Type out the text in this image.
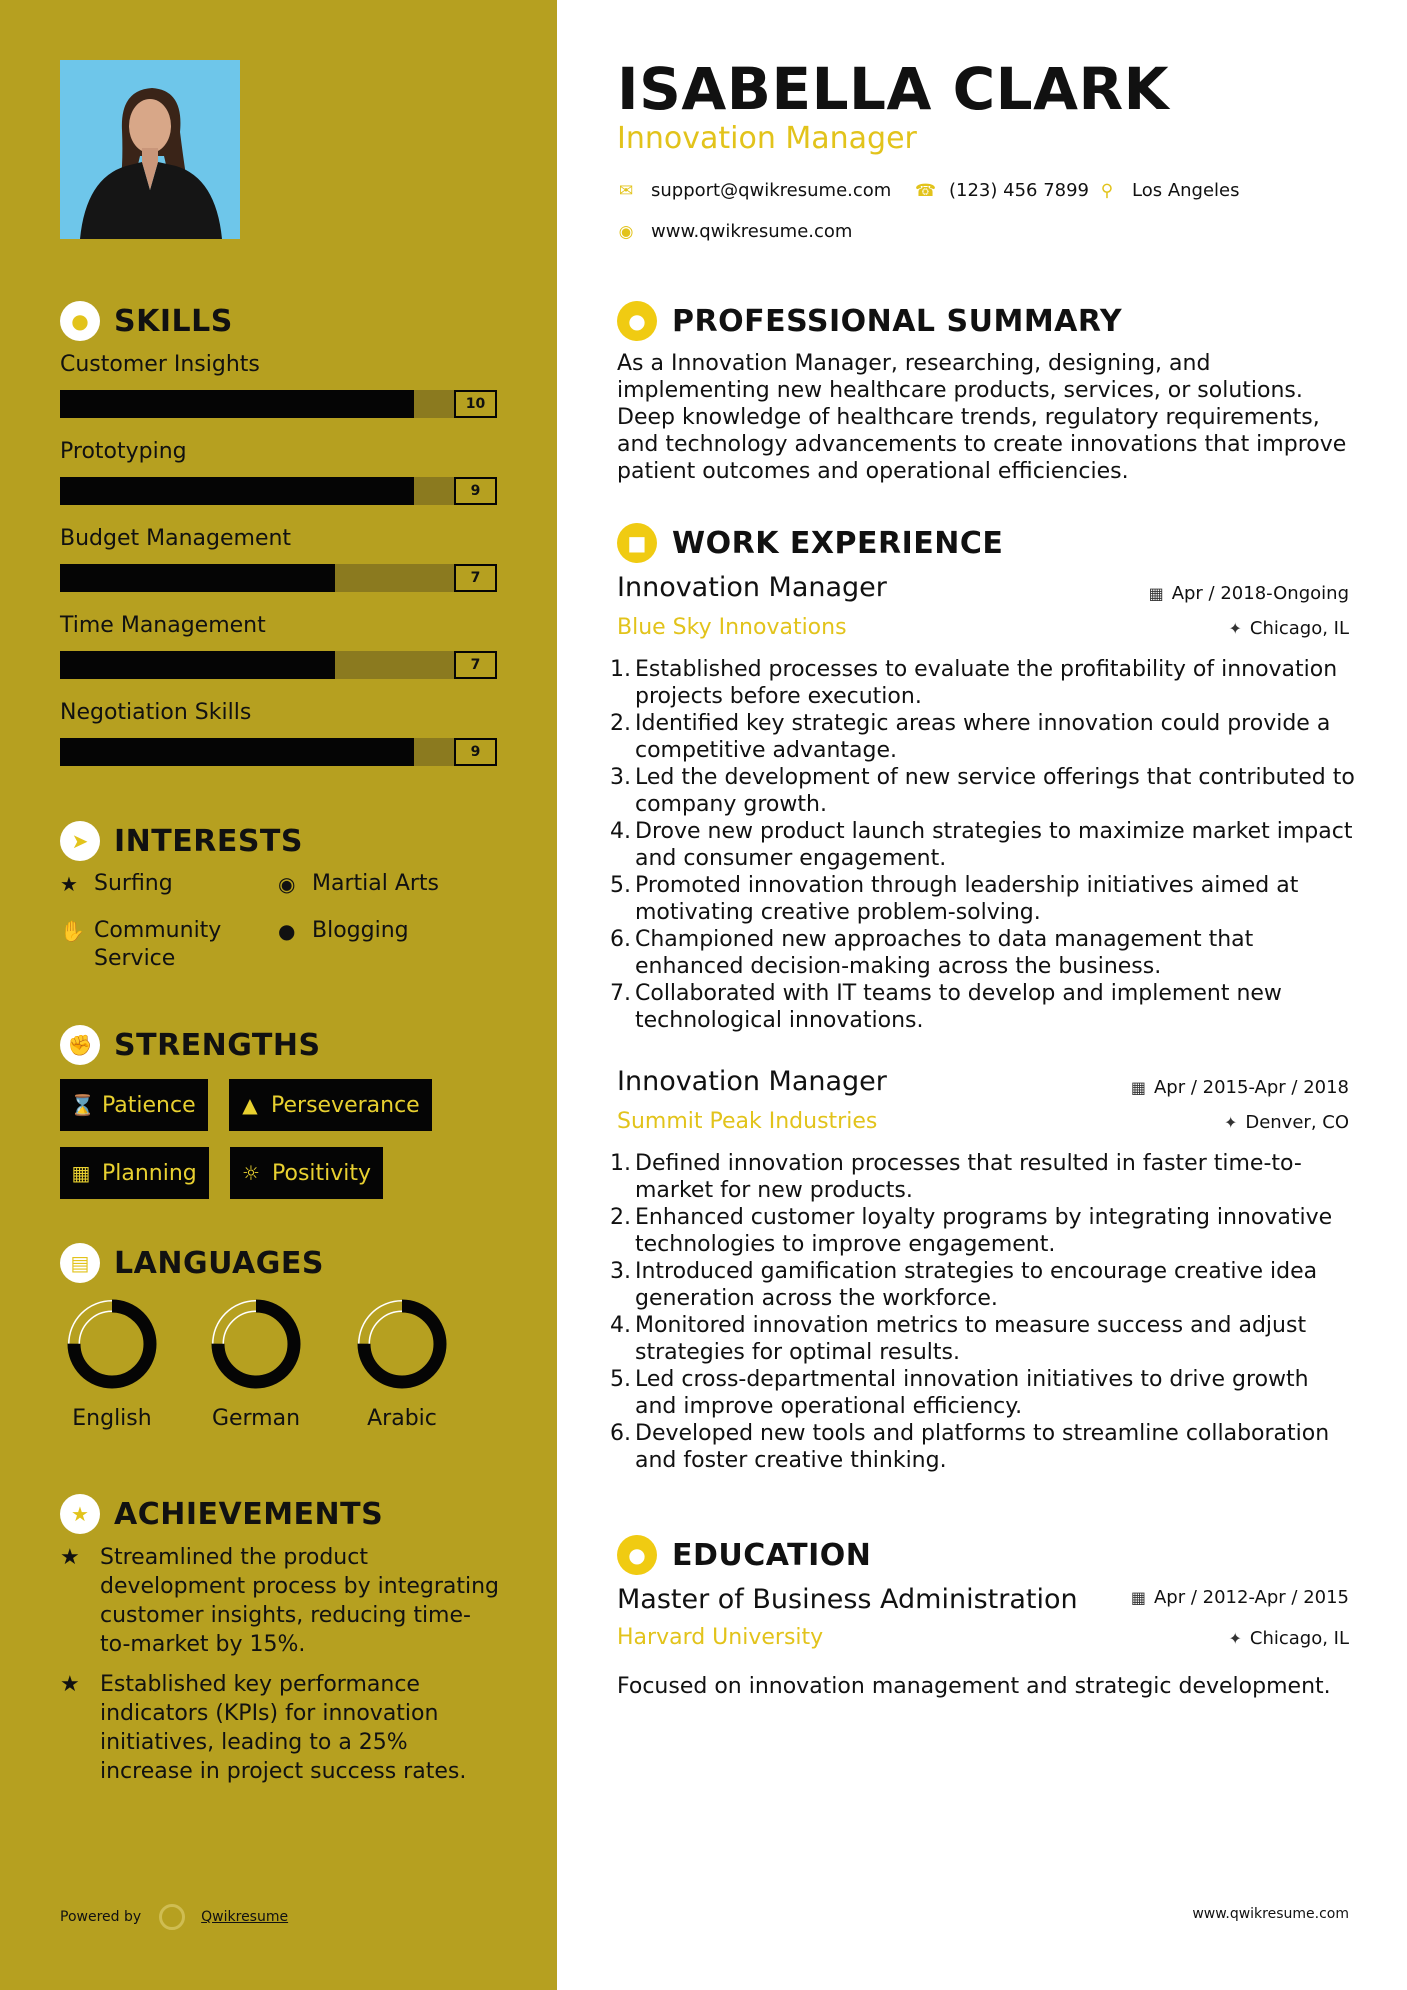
● SKILLS
Customer Insights
10
Prototyping
9
Budget Management
7
Time Management
7
Negotiation Skills
9
➤ INTERESTS
★ Surfing	◉ Martial Arts
✋ Community Service
● Blogging
✊ STRENGTHS
⌛ Patience ▲ Perseverance
▦ Planning ☼ Positivity
▤ LANGUAGES
English	German	Arabic
★ ACHIEVEMENTS
★ Streamlined the product development process by integrating customer insights, reducing time-to-market by 15%.
★ Established key performance indicators (KPIs) for innovation initiatives, leading to a 25% increase in project success rates.
Powered by	Qwikresume
ISABELLA CLARK
Innovation Manager
✉ support@qwikresume.com ☎ (123) 456 7899 ⚲ Los Angeles
◉ www.qwikresume.com
● PROFESSIONAL SUMMARY
As a Innovation Manager, researching, designing, and implementing new healthcare products, services, or solutions. Deep knowledge of healthcare trends, regulatory requirements, and technology advancements to create innovations that improve patient outcomes and operational efficiencies.
■ WORK EXPERIENCE
Innovation Manager	▦ Apr / 2018-Ongoing
Blue Sky Innovations	✦ Chicago, IL
1. Established processes to evaluate the profitability of innovation projects before execution.
2. Identified key strategic areas where innovation could provide a competitive advantage.
3. Led the development of new service offerings that contributed to company growth.
4. Drove new product launch strategies to maximize market impact and consumer engagement.
5. Promoted innovation through leadership initiatives aimed at motivating creative problem-solving.
6. Championed new approaches to data management that enhanced decision-making across the business.
7. Collaborated with IT teams to develop and implement new technological innovations.
Innovation Manager	▦ Apr / 2015-Apr / 2018
Summit Peak Industries	✦ Denver, CO
1. Defined innovation processes that resulted in faster time-to-market for new products.
2. Enhanced customer loyalty programs by integrating innovative technologies to improve engagement.
3. Introduced gamification strategies to encourage creative idea generation across the workforce.
4. Monitored innovation metrics to measure success and adjust strategies for optimal results.
5. Led cross-departmental innovation initiatives to drive growth and improve operational efficiency.
6. Developed new tools and platforms to streamline collaboration and foster creative thinking.
● EDUCATION
Master of Business Administration	▦ Apr / 2012-Apr / 2015
Harvard University	✦ Chicago, IL
Focused on innovation management and strategic development.
www.qwikresume.com
